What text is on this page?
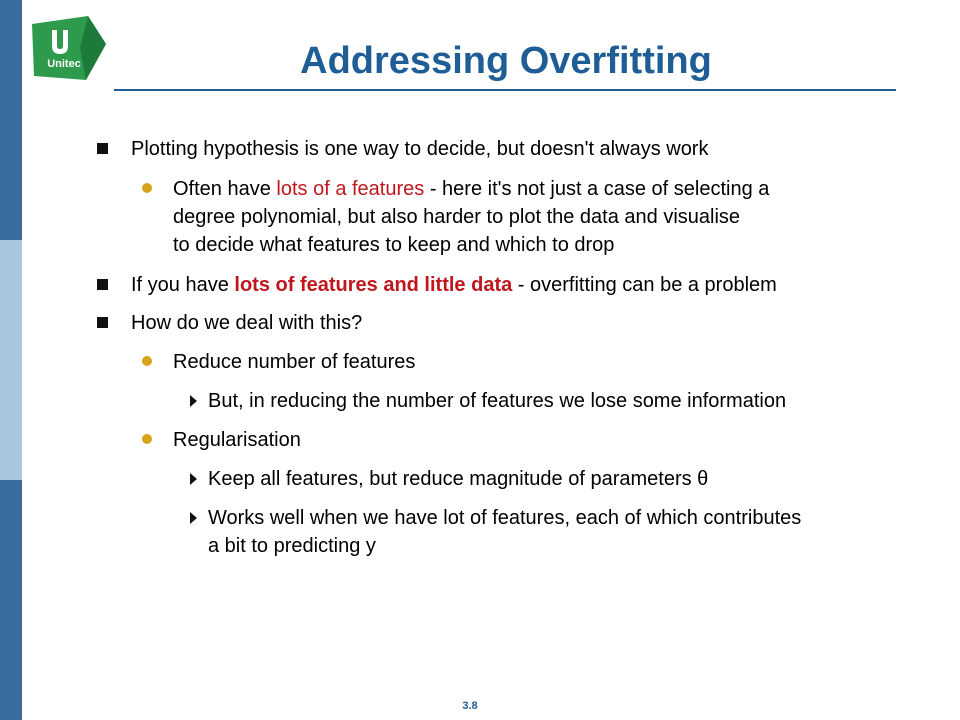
Unitec	Addressing Overfitting
Plotting hypothesis is one way to decide, but doesn't always work
Often have lots of a features - here it's not just a case of selecting a
degree polynomial, but also harder to plot the data and visualise
to decide what features to keep and which to drop
If you have lots of features and little data - overfitting can be a problem
How do we deal with this?
Reduce number of features
But, in reducing the number of features we lose some information
Regularisation
Keep all features, but reduce magnitude of parameters θ
Works well when we have lot of features, each of which contributes
a bit to predicting y
3.8
